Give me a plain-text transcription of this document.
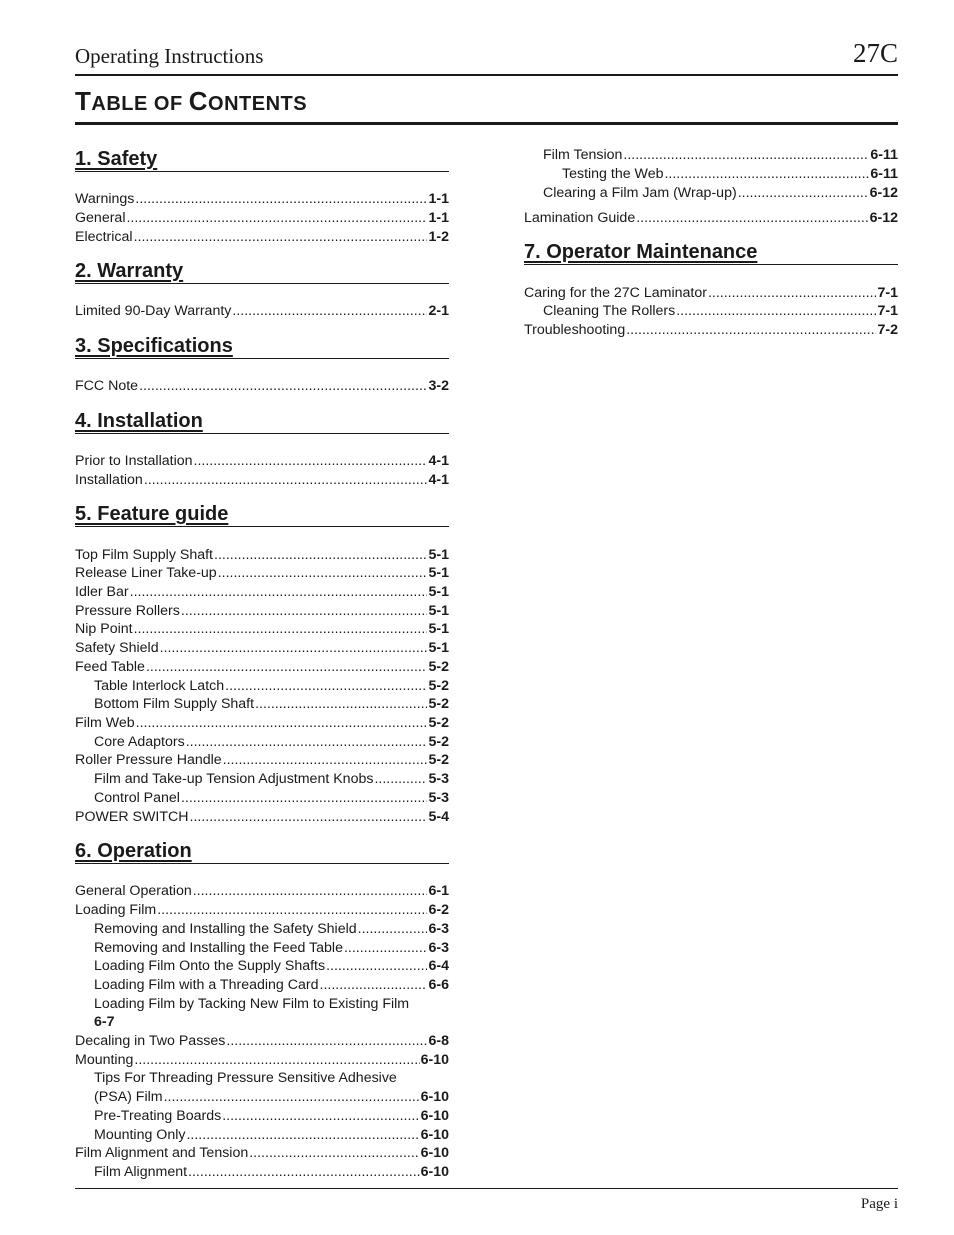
Operating Instructions	27C
TABLE OF CONTENTS
1. Safety
Warnings .....	1-1
General .....	1-1
Electrical .....	1-2
2. Warranty
Limited 90-Day Warranty .....	2-1
3. Specifications
FCC Note .....	3-2
4. Installation
Prior to Installation .....	4-1
Installation .....	4-1
5. Feature guide
Top Film Supply Shaft .....	5-1
Release Liner Take-up .....	5-1
Idler Bar .....	5-1
Pressure Rollers .....	5-1
Nip Point .....	5-1
Safety Shield .....	5-1
Feed Table .....	5-2
Table Interlock Latch .....	5-2
Bottom Film Supply Shaft .....	5-2
Film Web .....	5-2
Core Adaptors .....	5-2
Roller Pressure Handle .....	5-2
Film and Take-up Tension Adjustment Knobs .....	5-3
Control Panel .....	5-3
POWER SWITCH .....	5-4
6. Operation
General Operation .....	6-1
Loading Film .....	6-2
Removing and Installing the Safety Shield .....	6-3
Removing and Installing the Feed Table .....	6-3
Loading Film Onto the Supply Shafts .....	6-4
Loading Film with a Threading Card .....	6-6
Loading Film by Tacking New Film to Existing Film
6-7
Decaling in Two Passes .....	6-8
Mounting .....	6-10
Tips For Threading Pressure Sensitive Adhesive
(PSA) Film .....	6-10
Pre-Treating Boards .....	6-10
Mounting Only .....	6-10
Film Alignment and Tension .....	6-10
Film Alignment .....	6-10
Film Tension .....	6-11
Testing the Web .....	6-11
Clearing a Film Jam (Wrap-up) .....	6-12
Lamination Guide .....	6-12
7. Operator Maintenance
Caring for the 27C Laminator .....	7-1
Cleaning The Rollers .....	7-1
Troubleshooting .....	7-2
Page i
